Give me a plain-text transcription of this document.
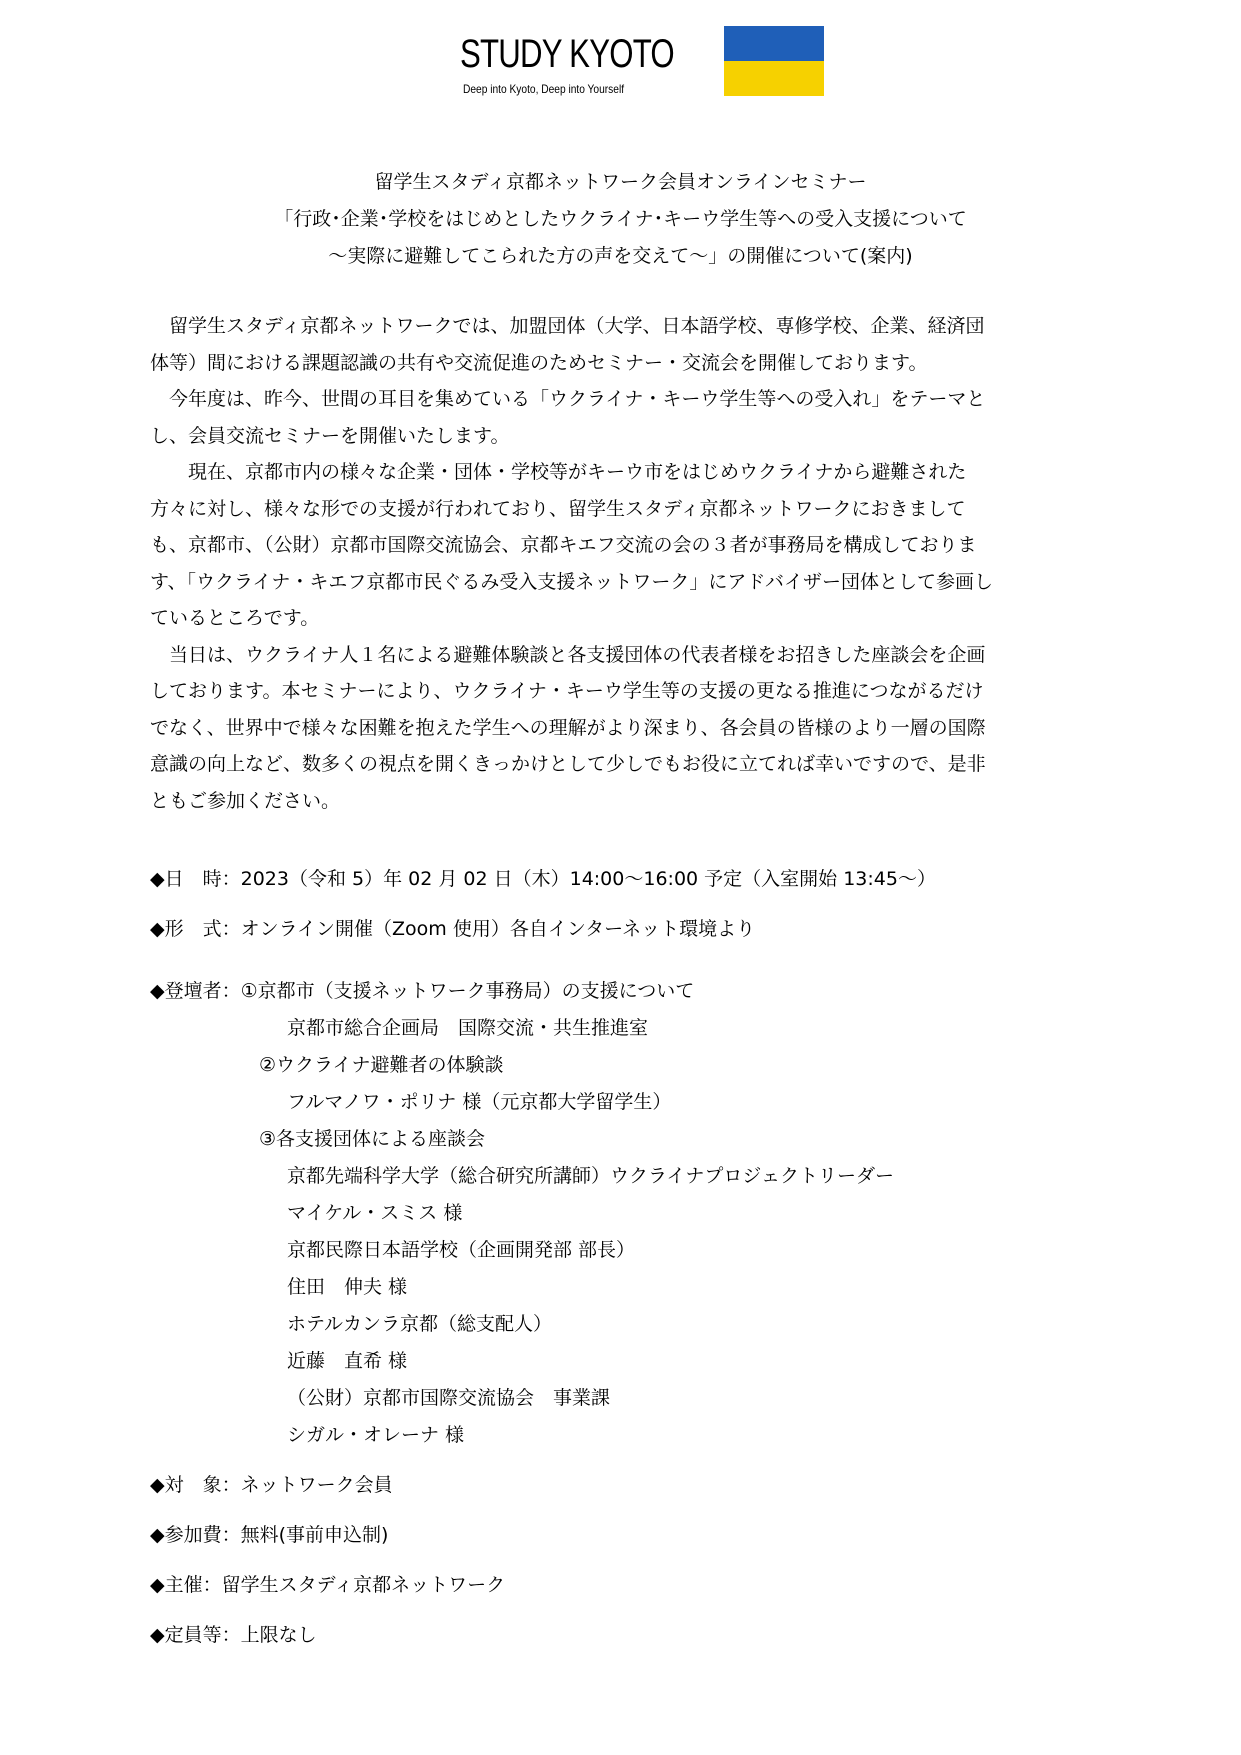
STUDY KYOTO
Deep into Kyoto, Deep into Yourself
留学生スタディ京都ネットワーク会員オンラインセミナー
「行政･企業･学校をはじめとしたウクライナ･キーウ学生等への受入支援について
～実際に避難してこられた方の声を交えて～」の開催について(案内)
　留学生スタディ京都ネットワークでは、加盟団体（大学、日本語学校、専修学校、企業、経済団
体等）間における課題認識の共有や交流促進のためセミナー・交流会を開催しております。
　今年度は、昨今、世間の耳目を集めている「ウクライナ・キーウ学生等への受入れ」をテーマと
し、会員交流セミナーを開催いたします。
　　現在、京都市内の様々な企業・団体・学校等がキーウ市をはじめウクライナから避難された
方々に対し、様々な形での支援が行われており、留学生スタディ京都ネットワークにおきまして
も、京都市、（公財）京都市国際交流協会、京都キエフ交流の会の３者が事務局を構成しておりま
す、「ウクライナ・キエフ京都市民ぐるみ受入支援ネットワーク」にアドバイザー団体として参画し
ているところです。
　当日は、ウクライナ人１名による避難体験談と各支援団体の代表者様をお招きした座談会を企画
しております。本セミナーにより、ウクライナ・キーウ学生等の支援の更なる推進につながるだけ
でなく、世界中で様々な困難を抱えた学生への理解がより深まり、各会員の皆様のより一層の国際
意識の向上など、数多くの視点を開くきっかけとして少しでもお役に立てれば幸いですので、是非
ともご参加ください。
◆日　時：2023（令和 5）年 02 月 02 日（木）14:00～16:00 予定（入室開始 13:45～）
◆形　式：オンライン開催（Zoom 使用）各自インターネット環境より
◆登壇者：①京都市（支援ネットワーク事務局）の支援について
京都市総合企画局　国際交流・共生推進室
②ウクライナ避難者の体験談
フルマノワ・ポリナ 様（元京都大学留学生）
③各支援団体による座談会
京都先端科学大学（総合研究所講師）ウクライナプロジェクトリーダー
マイケル・スミス 様
京都民際日本語学校（企画開発部 部長）
住田　伸夫 様
ホテルカンラ京都（総支配人）
近藤　直希 様
（公財）京都市国際交流協会　事業課
シガル・オレーナ 様
◆対　象：ネットワーク会員
◆参加費：無料(事前申込制)
◆主催：留学生スタディ京都ネットワーク
◆定員等：上限なし
